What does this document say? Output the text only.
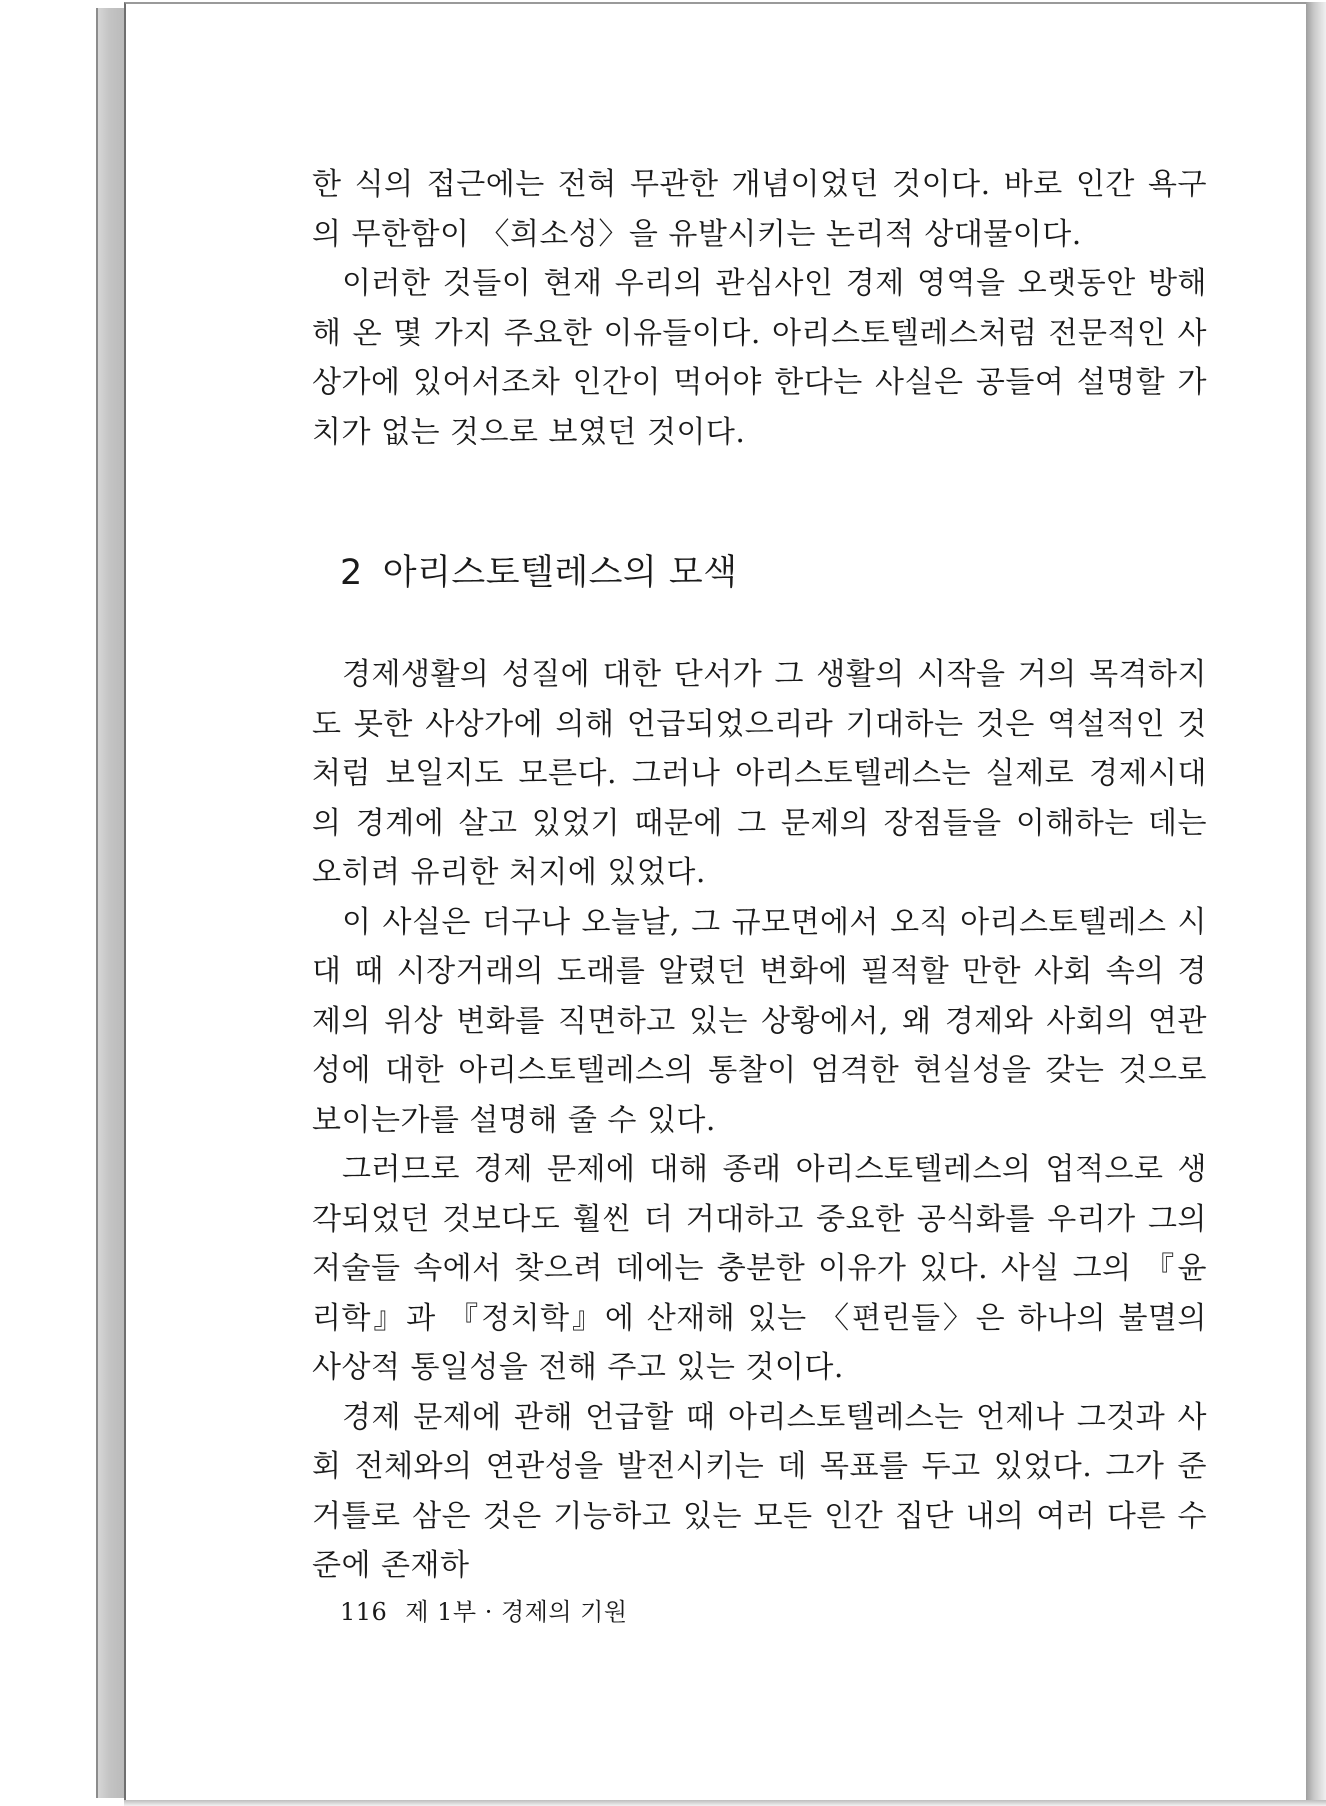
한 식의 접근에는 전혀 무관한 개념이었던 것이다. 바로 인간 욕구의 무한함이 〈희소성〉을 유발시키는 논리적 상대물이다.

이러한 것들이 현재 우리의 관심사인 경제 영역을 오랫동안 방해해 온 몇 가지 주요한 이유들이다. 아리스토텔레스처럼 전문적인 사상가에 있어서조차 인간이 먹어야 한다는 사실은 공들여 설명할 가치가 없는 것으로 보였던 것이다.

2 아리스토텔레스의 모색

경제생활의 성질에 대한 단서가 그 생활의 시작을 거의 목격하지도 못한 사상가에 의해 언급되었으리라 기대하는 것은 역설적인 것처럼 보일지도 모른다. 그러나 아리스토텔레스는 실제로 경제시대의 경계에 살고 있었기 때문에 그 문제의 장점들을 이해하는 데는 오히려 유리한 처지에 있었다.

이 사실은 더구나 오늘날, 그 규모면에서 오직 아리스토텔레스 시대 때 시장거래의 도래를 알렸던 변화에 필적할 만한 사회 속의 경제의 위상 변화를 직면하고 있는 상황에서, 왜 경제와 사회의 연관성에 대한 아리스토텔레스의 통찰이 엄격한 현실성을 갖는 것으로 보이는가를 설명해 줄 수 있다.

그러므로 경제 문제에 대해 종래 아리스토텔레스의 업적으로 생각되었던 것보다도 훨씬 더 거대하고 중요한 공식화를 우리가 그의 저술들 속에서 찾으려 데에는 충분한 이유가 있다. 사실 그의 『윤리학』과 『정치학』에 산재해 있는 〈편린들〉은 하나의 불멸의 사상적 통일성을 전해 주고 있는 것이다.

경제 문제에 관해 언급할 때 아리스토텔레스는 언제나 그것과 사회 전체와의 연관성을 발전시키는 데 목표를 두고 있었다. 그가 준거틀로 삼은 것은 기능하고 있는 모든 인간 집단 내의 여러 다른 수준에 존재하

116 제 1부 · 경제의 기원
